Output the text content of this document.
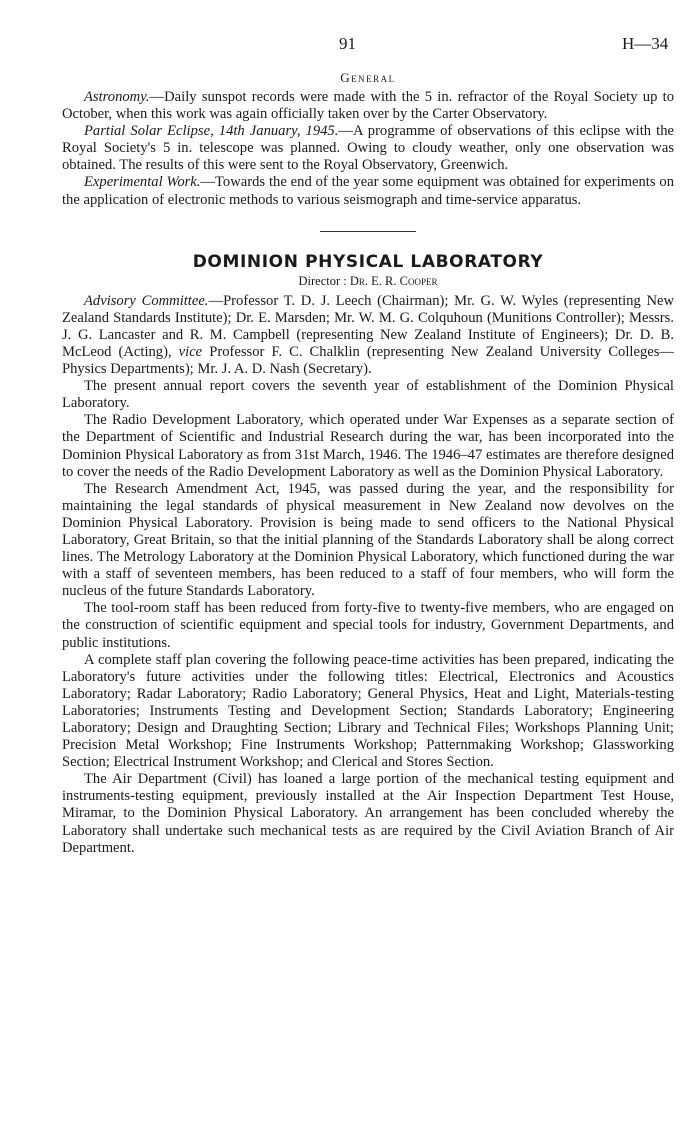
91	H—34
General

Astronomy.—Daily sunspot records were made with the 5 in. refractor of the Royal Society up to October, when this work was again officially taken over by the Carter Observatory.

Partial Solar Eclipse, 14th January, 1945.—A programme of observations of this eclipse with the Royal Society's 5 in. telescope was planned. Owing to cloudy weather, only one observation was obtained. The results of this were sent to the Royal Observatory, Greenwich.

Experimental Work.—Towards the end of the year some equipment was obtained for experiments on the application of electronic methods to various seismograph and time-service apparatus.

DOMINION PHYSICAL LABORATORY
Director : Dr. E. R. Cooper

Advisory Committee.—Professor T. D. J. Leech (Chairman); Mr. G. W. Wyles (representing New Zealand Standards Institute); Dr. E. Marsden; Mr. W. M. G. Colquhoun (Munitions Controller); Messrs. J. G. Lancaster and R. M. Campbell (representing New Zealand Institute of Engineers); Dr. D. B. McLeod (Acting), vice Professor F. C. Chalklin (representing New Zealand University Colleges—Physics Departments); Mr. J. A. D. Nash (Secretary).

The present annual report covers the seventh year of establishment of the Dominion Physical Laboratory.

The Radio Development Laboratory, which operated under War Expenses as a separate section of the Department of Scientific and Industrial Research during the war, has been incorporated into the Dominion Physical Laboratory as from 31st March, 1946. The 1946–47 estimates are therefore designed to cover the needs of the Radio Development Laboratory as well as the Dominion Physical Laboratory.

The Research Amendment Act, 1945, was passed during the year, and the responsibility for maintaining the legal standards of physical measurement in New Zealand now devolves on the Dominion Physical Laboratory. Provision is being made to send officers to the National Physical Laboratory, Great Britain, so that the initial planning of the Standards Laboratory shall be along correct lines. The Metrology Laboratory at the Dominion Physical Laboratory, which functioned during the war with a staff of seventeen members, has been reduced to a staff of four members, who will form the nucleus of the future Standards Laboratory.

The tool-room staff has been reduced from forty-five to twenty-five members, who are engaged on the construction of scientific equipment and special tools for industry, Government Departments, and public institutions.

A complete staff plan covering the following peace-time activities has been prepared, indicating the Laboratory's future activities under the following titles: Electrical, Electronics and Acoustics Laboratory; Radar Laboratory; Radio Laboratory; General Physics, Heat and Light, Materials-testing Laboratories; Instruments Testing and Development Section; Standards Laboratory; Engineering Laboratory; Design and Draughting Section; Library and Technical Files; Workshops Planning Unit; Precision Metal Workshop; Fine Instruments Workshop; Patternmaking Workshop; Glassworking Section; Electrical Instrument Workshop; and Clerical and Stores Section.

The Air Department (Civil) has loaned a large portion of the mechanical testing equipment and instruments-testing equipment, previously installed at the Air Inspection Department Test House, Miramar, to the Dominion Physical Laboratory. An arrangement has been concluded whereby the Laboratory shall undertake such mechanical tests as are required by the Civil Aviation Branch of Air Department.
